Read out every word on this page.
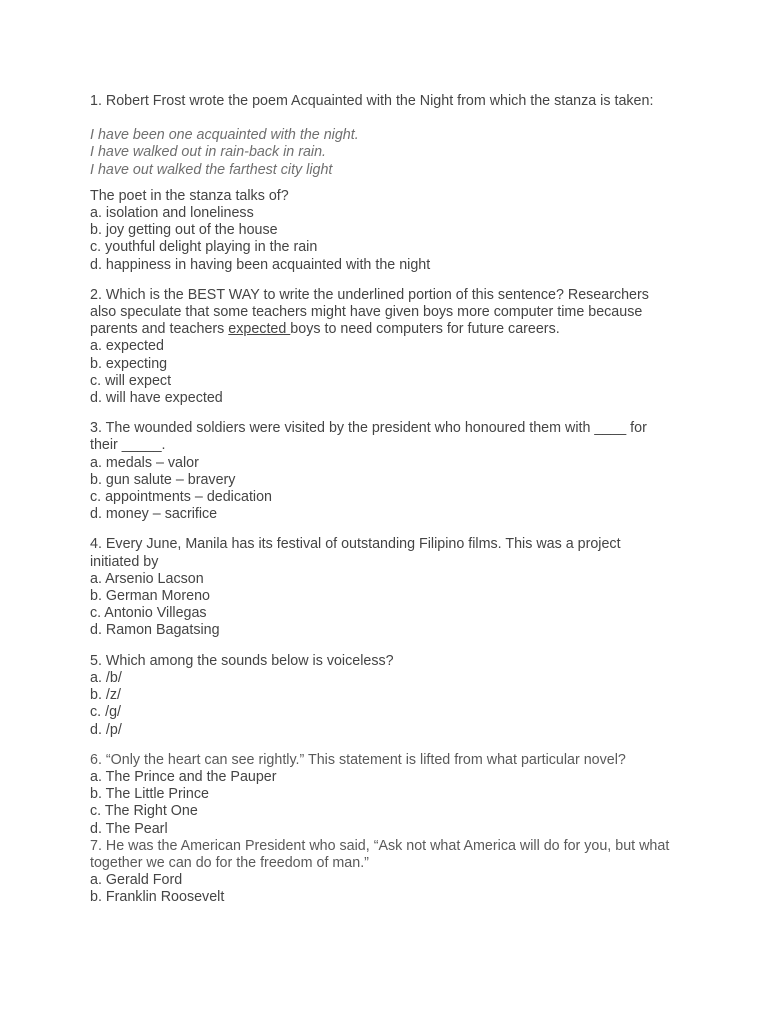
1. Robert Frost wrote the poem Acquainted with the Night from which the stanza is taken:
I have been one acquainted with the night.
I have walked out in rain-back in rain.
I have out walked the farthest city light
The poet in the stanza talks of?
a. isolation and loneliness
b. joy getting out of the house
c. youthful delight playing in the rain
d. happiness in having been acquainted with the night
2. Which is the BEST WAY to write the underlined portion of this sentence? Researchers
also speculate that some teachers might have given boys more computer time because
parents and teachers expected boys to need computers for future careers.
a. expected
b. expecting
c. will expect
d. will have expected
3. The wounded soldiers were visited by the president who honoured them with ____ for
their _____.
a. medals – valor
b. gun salute – bravery
c. appointments – dedication
d. money – sacrifice
4. Every June, Manila has its festival of outstanding Filipino films. This was a project
initiated by
a. Arsenio Lacson
b. German Moreno
c. Antonio Villegas
d. Ramon Bagatsing
5. Which among the sounds below is voiceless?
a. /b/
b. /z/
c. /g/
d. /p/
6. “Only the heart can see rightly.” This statement is lifted from what particular novel?
a. The Prince and the Pauper
b. The Little Prince
c. The Right One
d. The Pearl
7. He was the American President who said, “Ask not what America will do for you, but what
together we can do for the freedom of man.”
a. Gerald Ford
b. Franklin Roosevelt
